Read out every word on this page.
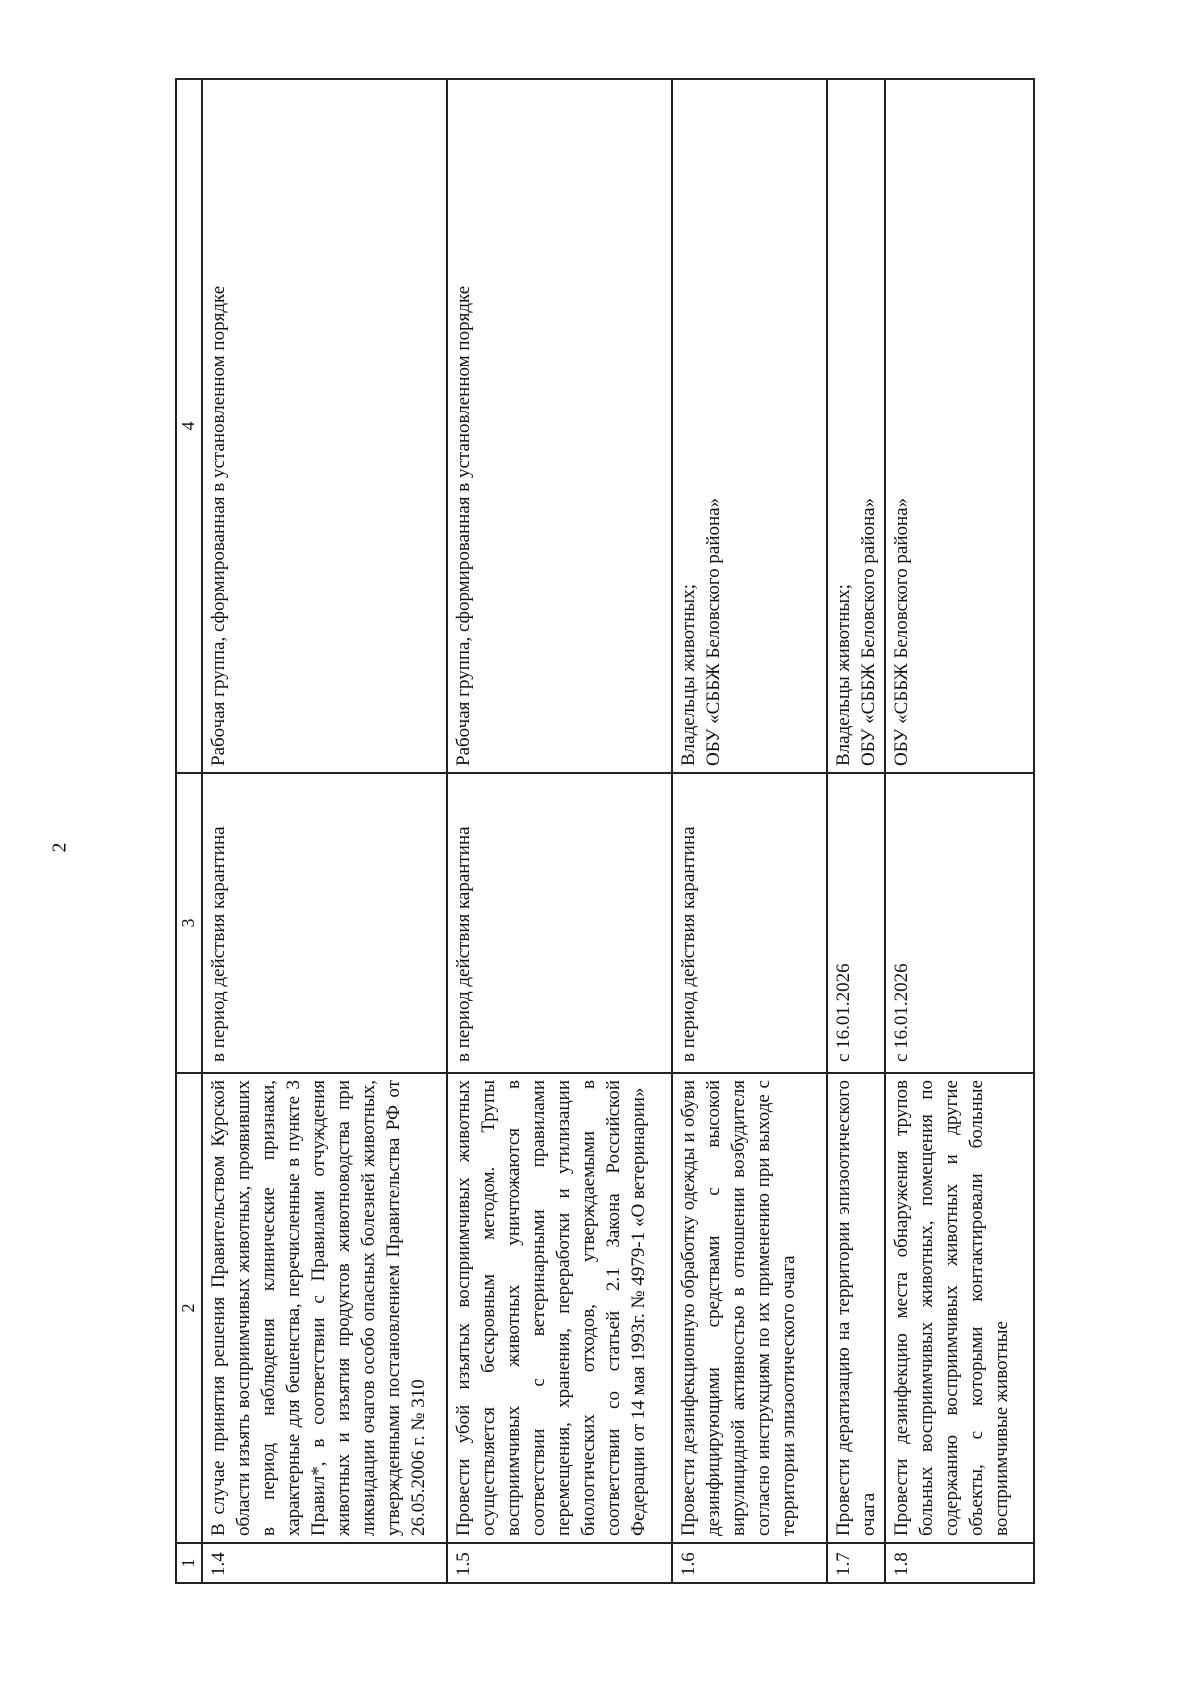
2
1	2	3	4
1.4	В случае принятия решения Правительством Курской области изъять восприимчивых животных, проявивших в период наблюдения клинические признаки, характерные для бешенства, перечисленные в пункте 3 Правил*, в соответствии с Правилами отчуждения животных и изъятия продуктов животноводства при ликвидации очагов особо опасных болезней животных, утвержденными постановлением Правительства РФ от 26.05.2006 г. № 310	в период действия карантина	Рабочая группа, сформированная в установленном порядке

1.5	Провести убой изъятых восприимчивых животных осуществляется бескровным методом. Трупы восприимчивых животных уничтожаются в соответствии с ветеринарными правилами перемещения, хранения, переработки и утилизации биологических отходов, утверждаемыми в соответствии со статьей 2.1 Закона Российской Федерации от 14 мая 1993г. № 4979-1 «О ветеринарии»	в период действия карантина	Рабочая группа, сформированная в установленном порядке

1.6	Провести дезинфекционную обработку одежды и обуви дезинфицирующими средствами с высокой вирулицидной активностью в отношении возбудителя согласно инструкциям по их применению при выходе с территории эпизоотического очага	в период действия карантина	Владельцы животных; ОБУ «СББЖ Беловского района»

1.7	Провести дератизацию на территории эпизоотического очага	с 16.01.2026	Владельцы животных; ОБУ «СББЖ Беловского района»

1.8	Провести дезинфекцию места обнаружения трупов больных восприимчивых животных, помещения по содержанию восприимчивых животных и другие объекты, с которыми контактировали больные восприимчивые животные	с 16.01.2026	ОБУ «СББЖ Беловского района»
